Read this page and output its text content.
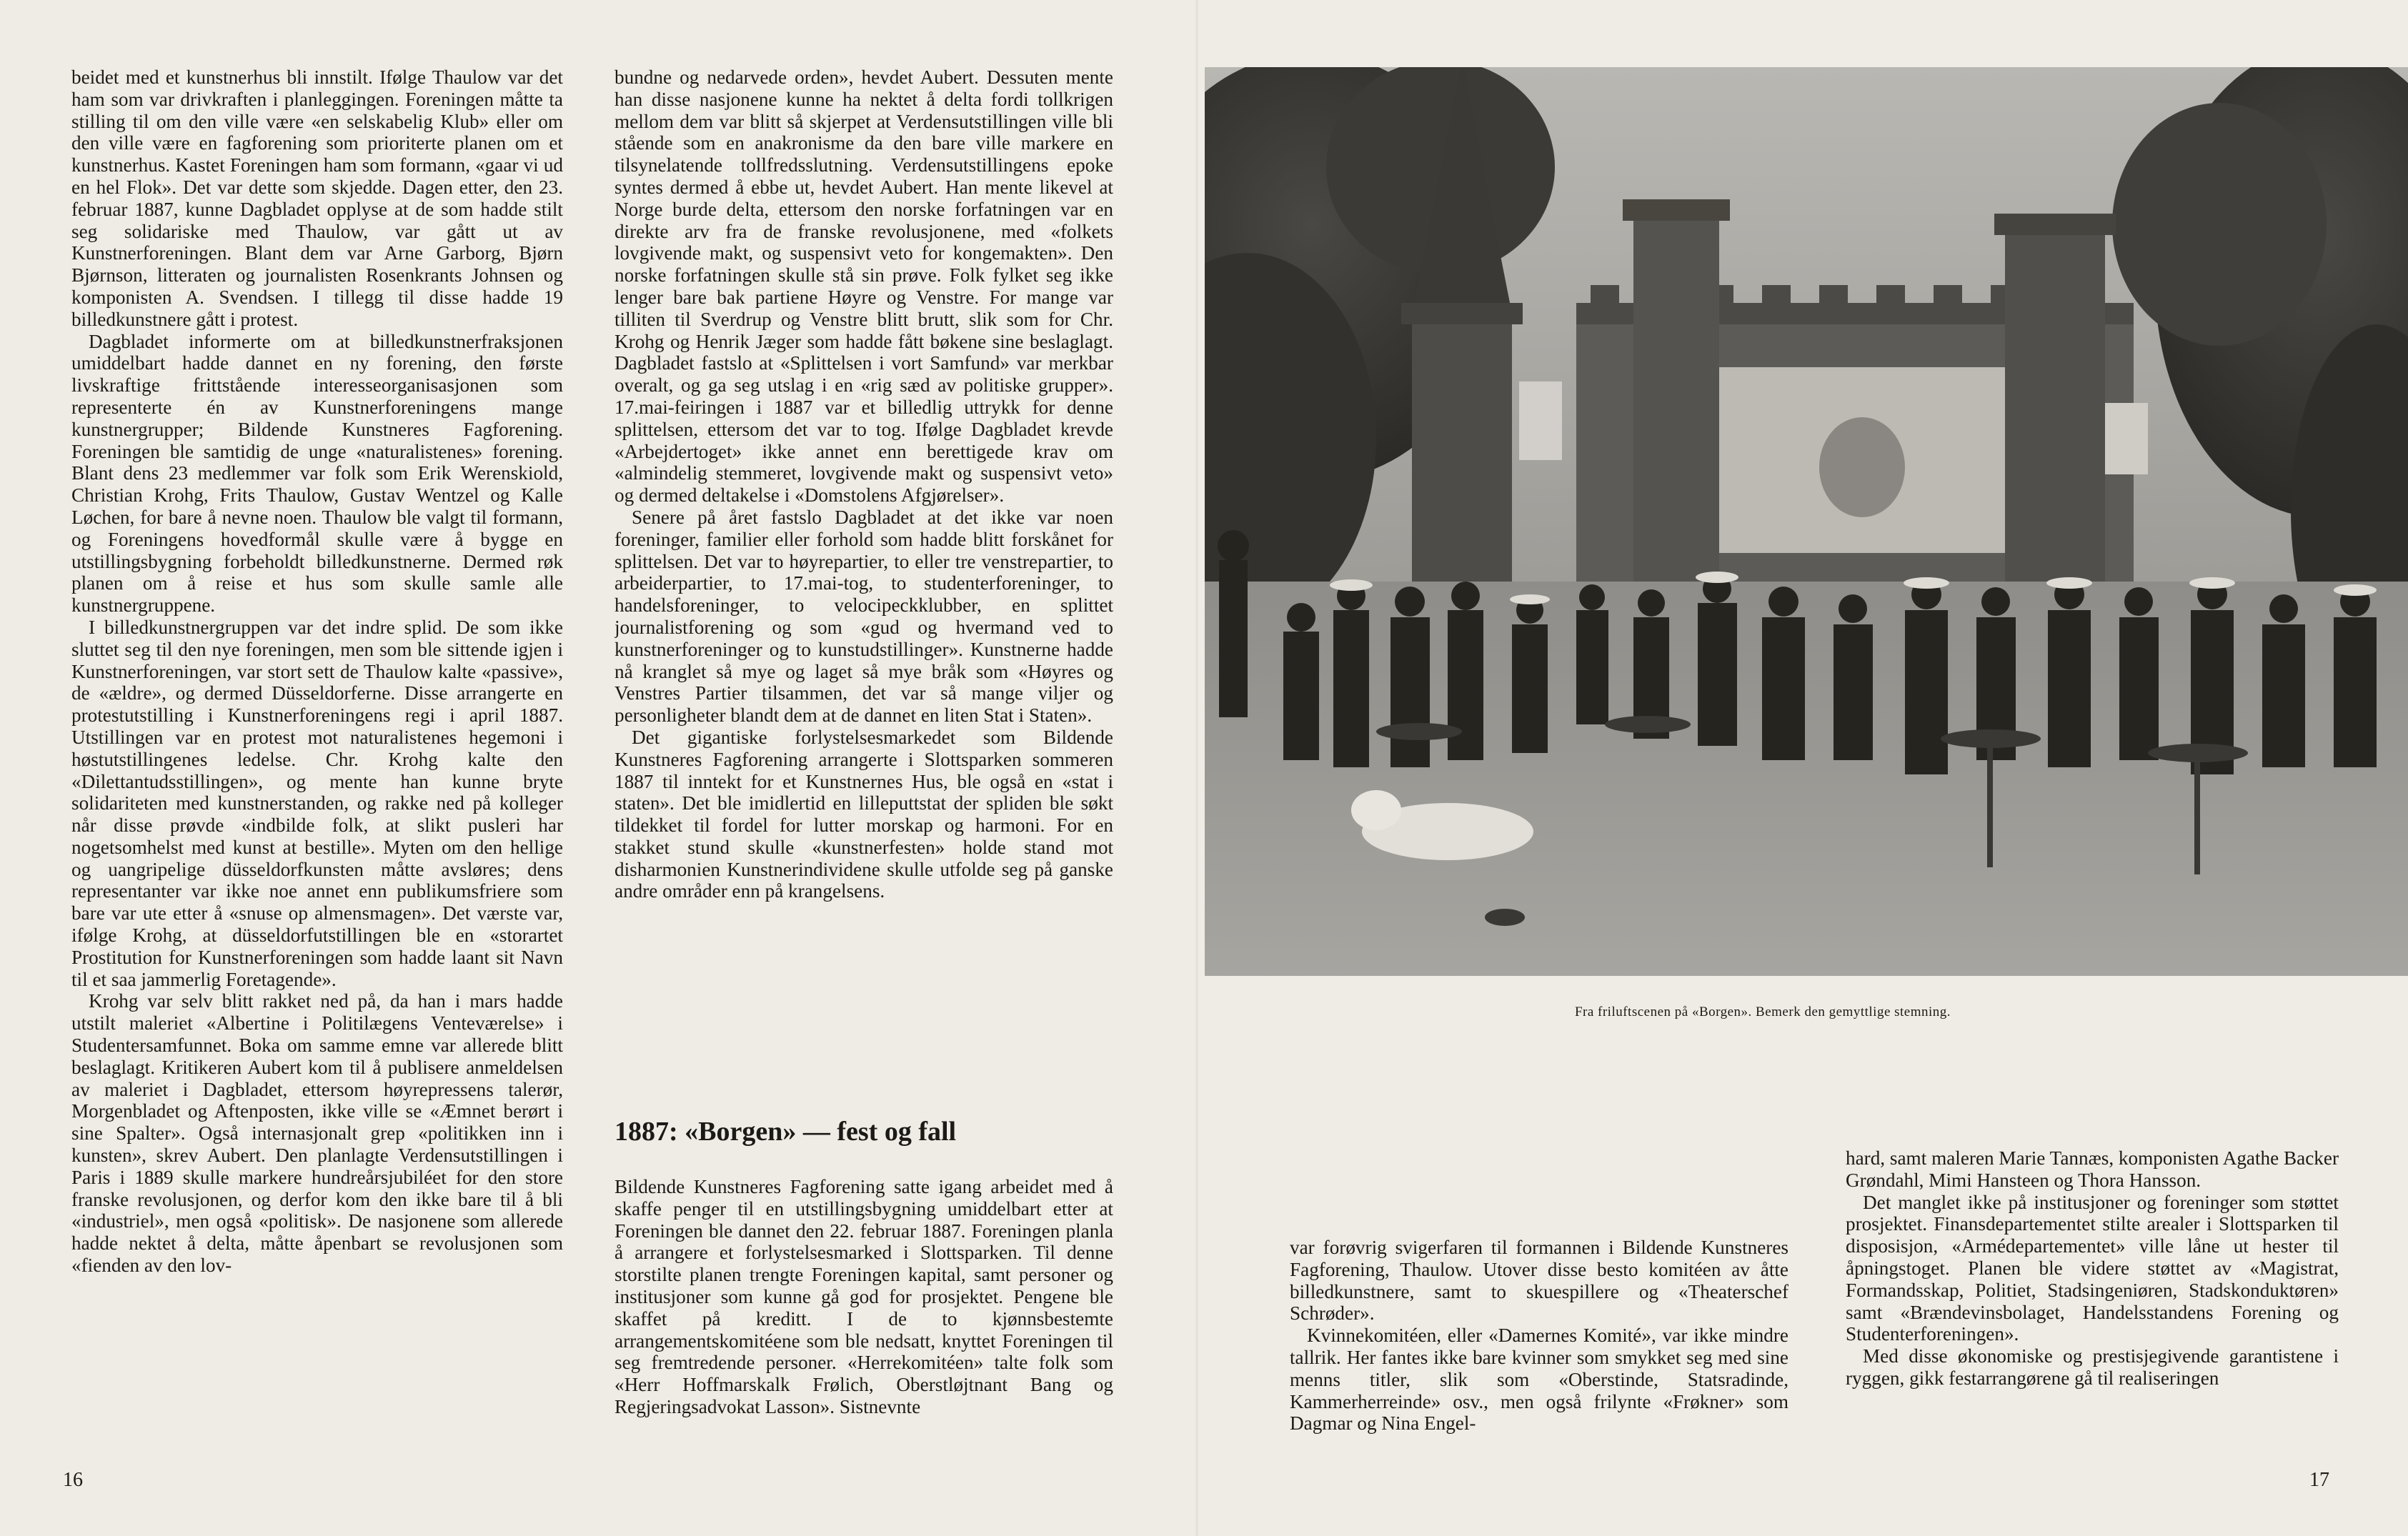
beidet med et kunstnerhus bli innstilt. Ifølge Thaulow var det ham som var drivkraften i planleggingen. Foreningen måtte ta stilling til om den ville være «en selskabelig Klub» eller om den ville være en fagforening som prioriterte planen om et kunstnerhus. Kastet Foreningen ham som formann, «gaar vi ud en hel Flok». Det var dette som skjedde. Dagen etter, den 23. februar 1887, kunne Dagbladet opplyse at de som hadde stilt seg solidariske med Thaulow, var gått ut av Kunstnerforeningen. Blant dem var Arne Garborg, Bjørn Bjørnson, litteraten og journalisten Rosenkrants Johnsen og komponisten A. Svendsen. I tillegg til disse hadde 19 billedkunstnere gått i protest.

Dagbladet informerte om at billedkunstnerfraksjonen umiddelbart hadde dannet en ny forening, den første livskraftige frittstående interesseorganisasjonen som representerte én av Kunstnerforeningens mange kunstnergrupper; Bildende Kunstneres Fagforening. Foreningen ble samtidig de unge «naturalistenes» forening. Blant dens 23 medlemmer var folk som Erik Werenskiold, Christian Krohg, Frits Thaulow, Gustav Wentzel og Kalle Løchen, for bare å nevne noen. Thaulow ble valgt til formann, og Foreningens hovedformål skulle være å bygge en utstillingsbygning forbeholdt billedkunstnerne. Dermed røk planen om å reise et hus som skulle samle alle kunstnergruppene.

I billedkunstnergruppen var det indre splid. De som ikke sluttet seg til den nye foreningen, men som ble sittende igjen i Kunstnerforeningen, var stort sett de Thaulow kalte «passive», de «ældre», og dermed Düsseldorferne. Disse arrangerte en protestutstilling i Kunstnerforeningens regi i april 1887. Utstillingen var en protest mot naturalistenes hegemoni i høstutstillingenes ledelse. Chr. Krohg kalte den «Dilettantudsstillingen», og mente han kunne bryte solidariteten med kunstnerstanden, og rakke ned på kolleger når disse prøvde «indbilde folk, at slikt pusleri har nogetsomhelst med kunst at bestille». Myten om den hellige og uangripelige düsseldorfkunsten måtte avsløres; dens representanter var ikke noe annet enn publikumsfriere som bare var ute etter å «snuse op almensmagen». Det værste var, ifølge Krohg, at düsseldorfutstillingen ble en «storartet Prostitution for Kunstnerforeningen som hadde laant sit Navn til et saa jammerlig Foretagende».

Krohg var selv blitt rakket ned på, da han i mars hadde utstilt maleriet «Albertine i Politilægens Venteværelse» i Studentersamfunnet. Boka om samme emne var allerede blitt beslaglagt. Kritikeren Aubert kom til å publisere anmeldelsen av maleriet i Dagbladet, ettersom høyrepressens talerør, Morgenbladet og Aftenposten, ikke ville se «Æmnet berørt i sine Spalter». Også internasjonalt grep «politikken inn i kunsten», skrev Aubert. Den planlagte Verdensutstillingen i Paris i 1889 skulle markere hundreårsjubiléet for den store franske revolusjonen, og derfor kom den ikke bare til å bli «industriel», men også «politisk». De nasjonene som allerede hadde nektet å delta, måtte åpenbart se revolusjonen som «fienden av den lov-

bundne og nedarvede orden», hevdet Aubert. Dessuten mente han disse nasjonene kunne ha nektet å delta fordi tollkrigen mellom dem var blitt så skjerpet at Verdensutstillingen ville bli stående som en anakronisme da den bare ville markere en tilsynelatende tollfredsslutning. Verdensutstillingens epoke syntes dermed å ebbe ut, hevdet Aubert. Han mente likevel at Norge burde delta, ettersom den norske forfatningen var en direkte arv fra de franske revolusjonene, med «folkets lovgivende makt, og suspensivt veto for kongemakten». Den norske forfatningen skulle stå sin prøve. Folk fylket seg ikke lenger bare bak partiene Høyre og Venstre. For mange var tilliten til Sverdrup og Venstre blitt brutt, slik som for Chr. Krohg og Henrik Jæger som hadde fått bøkene sine beslaglagt. Dagbladet fastslo at «Splittelsen i vort Samfund» var merkbar overalt, og ga seg utslag i en «rig sæd av politiske grupper». 17.mai-feiringen i 1887 var et billedlig uttrykk for denne splittelsen, ettersom det var to tog. Ifølge Dagbladet krevde «Arbejdertoget» ikke annet enn berettigede krav om «almindelig stemmeret, lovgivende makt og suspensivt veto» og dermed deltakelse i «Domstolens Afgjørelser».

Senere på året fastslo Dagbladet at det ikke var noen foreninger, familier eller forhold som hadde blitt forskånet for splittelsen. Det var to høyrepartier, to eller tre venstrepartier, to arbeiderpartier, to 17.mai-tog, to studenterforeninger, to handelsforeninger, to velocipeckklubber, en splittet journalistforening og som «gud og hvermand ved to kunstnerforeninger og to kunstudstillinger». Kunstnerne hadde nå kranglet så mye og laget så mye bråk som «Høyres og Venstres Partier tilsammen, det var så mange viljer og personligheter blandt dem at de dannet en liten Stat i Staten».

Det gigantiske forlystelsesmarkedet som Bildende Kunstneres Fagforening arrangerte i Slottsparken sommeren 1887 til inntekt for et Kunstnernes Hus, ble også en «stat i staten». Det ble imidlertid en lilleputtstat der spliden ble søkt tildekket til fordel for lutter morskap og harmoni. For en stakket stund skulle «kunstnerfesten» holde stand mot disharmonien Kunstnerindividene skulle utfolde seg på ganske andre områder enn på krangelsens.

1887: «Borgen» — fest og fall

Bildende Kunstneres Fagforening satte igang arbeidet med å skaffe penger til en utstillingsbygning umiddelbart etter at Foreningen ble dannet den 22. februar 1887. Foreningen planla å arrangere et forlystelsesmarked i Slottsparken. Til denne storstilte planen trengte Foreningen kapital, samt personer og institusjoner som kunne gå god for prosjektet. Pengene ble skaffet på kreditt. I de to kjønnsbestemte arrangementskomitéene som ble nedsatt, knyttet Foreningen til seg fremtredende personer. «Herrekomitéen» talte folk som «Herr Hoffmarskalk Frølich, Oberstløjtnant Bang og Regjeringsadvokat Lasson». Sistnevnte

16
Fra friluftscenen på «Borgen». Bemerk den gemyttlige stemning.

var forøvrig svigerfaren til formannen i Bildende Kunstneres Fagforening, Thaulow. Utover disse besto komitéen av åtte billedkunstnere, samt to skuespillere og «Theaterschef Schrøder».

Kvinnekomitéen, eller «Damernes Komité», var ikke mindre tallrik. Her fantes ikke bare kvinner som smykket seg med sine menns titler, slik som «Oberstinde, Statsradinde, Kammerherreinde» osv., men også frilynte «Frøkner» som Dagmar og Nina Engel-

hard, samt maleren Marie Tannæs, komponisten Agathe Backer Grøndahl, Mimi Hansteen og Thora Hansson.

Det manglet ikke på institusjoner og foreninger som støttet prosjektet. Finansdepartementet stilte arealer i Slottsparken til disposisjon, «Armédepartementet» ville låne ut hester til åpningstoget. Planen ble videre støttet av «Magistrat, Formandsskap, Politiet, Stadsingeniøren, Stadskonduktøren» samt «Brændevinsbolaget, Handelsstandens Forening og Studenterforeningen».

Med disse økonomiske og prestisjegivende garantistene i ryggen, gikk festarrangørene gå til realiseringen

17
